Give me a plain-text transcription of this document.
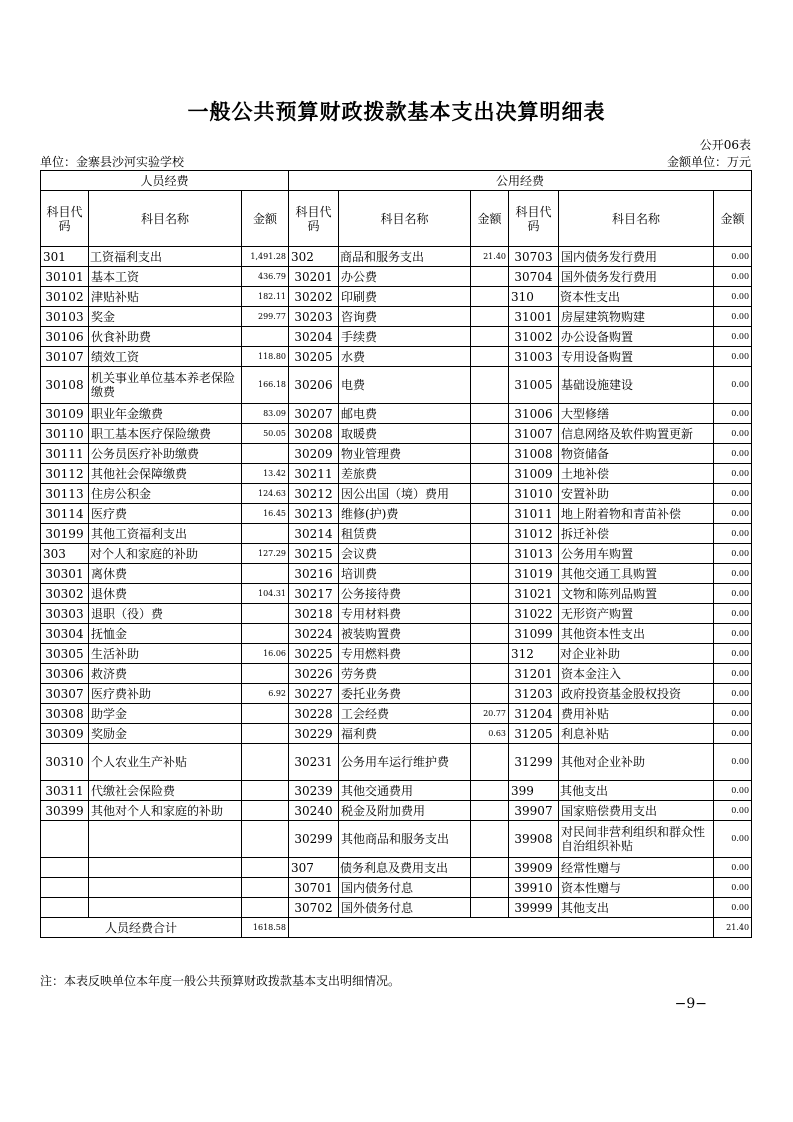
一般公共预算财政拨款基本支出决算明细表
公开06表
单位：金寨县沙河实验学校	金额单位：万元
人员经费			公用经费					
科目代码	科目名称	金额	科目代码	科目名称	金额	科目代码	科目名称	金额
301	工资福利支出	1,491.28	302	商品和服务支出	21.40	30703	国内债务发行费用	0.00
30101	基本工资	436.79	30201	办公费		30704	国外债务发行费用	0.00
30102	津贴补贴	182.11	30202	印刷费		310	资本性支出	0.00
30103	奖金	299.77	30203	咨询费		31001	房屋建筑物购建	0.00
30106	伙食补助费		30204	手续费		31002	办公设备购置	0.00
30107	绩效工资	118.80	30205	水费		31003	专用设备购置	0.00
30108	机关事业单位基本养老保险缴费	166.18	30206	电费		31005	基础设施建设	0.00
30109	职业年金缴费	83.09	30207	邮电费		31006	大型修缮	0.00
30110	职工基本医疗保险缴费	50.05	30208	取暖费		31007	信息网络及软件购置更新	0.00
30111	公务员医疗补助缴费		30209	物业管理费		31008	物资储备	0.00
30112	其他社会保障缴费	13.42	30211	差旅费		31009	土地补偿	0.00
30113	住房公积金	124.63	30212	因公出国（境）费用		31010	安置补助	0.00
30114	医疗费	16.45	30213	维修(护)费		31011	地上附着物和青苗补偿	0.00
30199	其他工资福利支出		30214	租赁费		31012	拆迁补偿	0.00
303	对个人和家庭的补助	127.29	30215	会议费		31013	公务用车购置	0.00
30301	离休费		30216	培训费		31019	其他交通工具购置	0.00
30302	退休费	104.31	30217	公务接待费		31021	文物和陈列品购置	0.00
30303	退职（役）费		30218	专用材料费		31022	无形资产购置	0.00
30304	抚恤金		30224	被装购置费		31099	其他资本性支出	0.00
30305	生活补助	16.06	30225	专用燃料费		312	对企业补助	0.00
30306	救济费		30226	劳务费		31201	资本金注入	0.00
30307	医疗费补助	6.92	30227	委托业务费		31203	政府投资基金股权投资	0.00
30308	助学金		30228	工会经费	20.77	31204	费用补贴	0.00
30309	奖励金		30229	福利费	0.63	31205	利息补贴	0.00
30310	个人农业生产补贴		30231	公务用车运行维护费		31299	其他对企业补助	0.00
30311	代缴社会保险费		30239	其他交通费用		399	其他支出	0.00
30399	其他对个人和家庭的补助		30240	税金及附加费用		39907	国家赔偿费用支出	0.00
			30299	其他商品和服务支出		39908	对民间非营利组织和群众性自治组织补贴	0.00
			307	债务利息及费用支出		39909	经常性赠与	0.00
			30701	国内债务付息		39910	资本性赠与	0.00
			30702	国外债务付息		39999	其他支出	0.00
人员经费合计		1618.58						21.40
注：本表反映单位本年度一般公共预算财政拨款基本支出明细情况。
−9−
